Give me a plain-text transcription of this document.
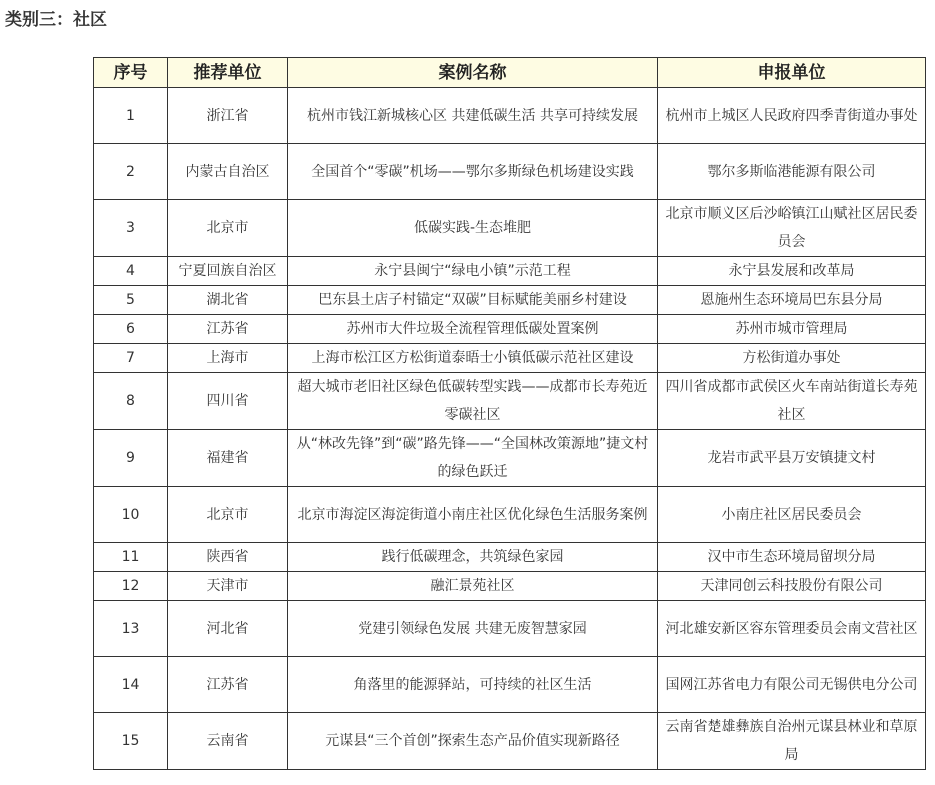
类别三：社区
序号	推荐单位	案例名称	申报单位
1	浙江省	杭州市钱江新城核心区 共建低碳生活 共享可持续发展	杭州市上城区人民政府四季青街道办事处
2	内蒙古自治区	全国首个“零碳”机场——鄂尔多斯绿色机场建设实践	鄂尔多斯临港能源有限公司
3	北京市	低碳实践-生态堆肥	北京市顺义区后沙峪镇江山赋社区居民委员会
4	宁夏回族自治区	永宁县闽宁“绿电小镇”示范工程	永宁县发展和改革局
5	湖北省	巴东县土店子村锚定“双碳”目标赋能美丽乡村建设	恩施州生态环境局巴东县分局
6	江苏省	苏州市大件垃圾全流程管理低碳处置案例	苏州市城市管理局
7	上海市	上海市松江区方松街道泰晤士小镇低碳示范社区建设	方松街道办事处
8	四川省	超大城市老旧社区绿色低碳转型实践——成都市长寿苑近零碳社区	四川省成都市武侯区火车南站街道长寿苑社区
9	福建省	从“林改先锋”到“碳”路先锋——“全国林改策源地”捷文村的绿色跃迁	龙岩市武平县万安镇捷文村
10	北京市	北京市海淀区海淀街道小南庄社区优化绿色生活服务案例	小南庄社区居民委员会
11	陕西省	践行低碳理念，共筑绿色家园	汉中市生态环境局留坝分局
12	天津市	融汇景苑社区	天津同创云科技股份有限公司
13	河北省	党建引领绿色发展 共建无废智慧家园	河北雄安新区容东管理委员会南文营社区
14	江苏省	角落里的能源驿站，可持续的社区生活	国网江苏省电力有限公司无锡供电分公司
15	云南省	元谋县“三个首创”探索生态产品价值实现新路径	云南省楚雄彝族自治州元谋县林业和草原局
